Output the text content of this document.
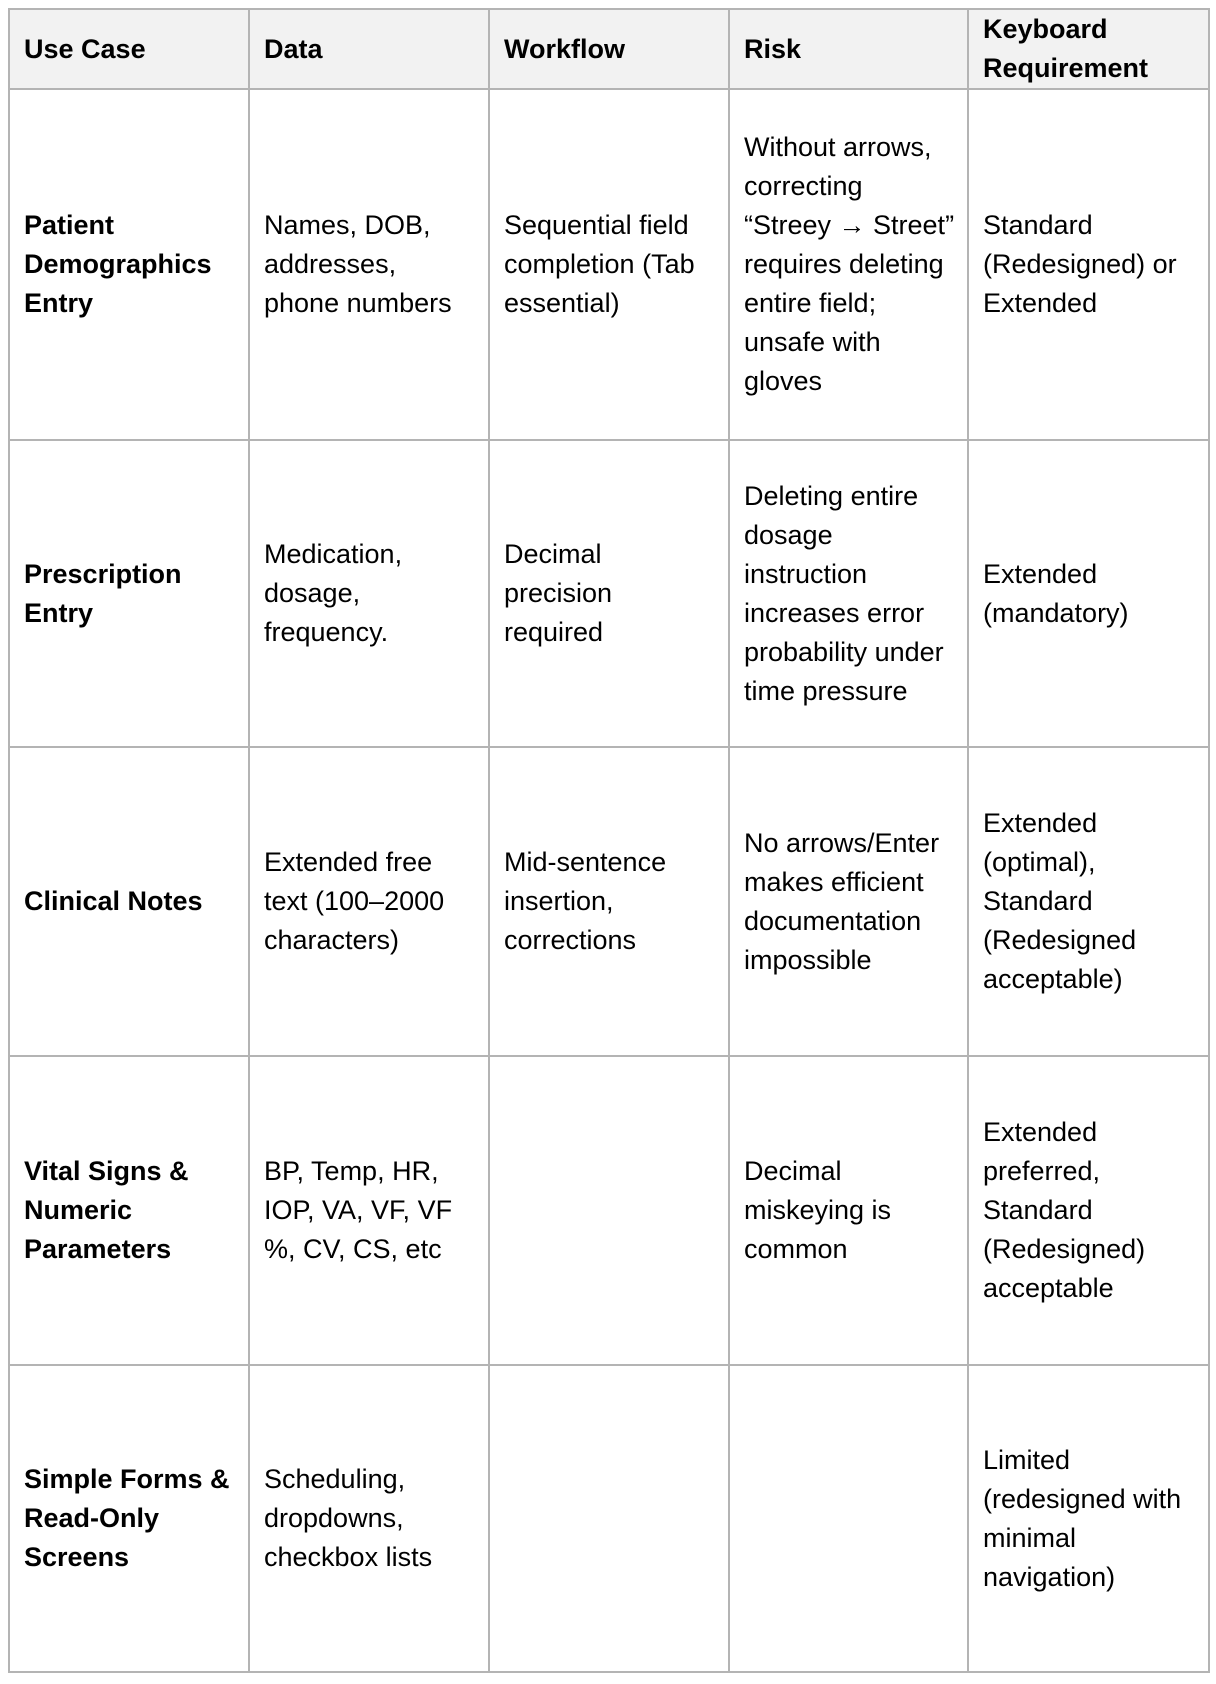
Use Case	Data	Workflow	Risk	Keyboard Requirement
Patient Demographics Entry	Names, DOB, addresses, phone numbers	Sequential field completion (Tab essential)	Without arrows, correcting “Streey → Street” requires deleting entire field; unsafe with gloves	Standard (Redesigned) or Extended
Prescription Entry	Medication, dosage, frequency.	Decimal precision required	Deleting entire dosage instruction increases error probability under time pressure	Extended (mandatory)
Clinical Notes	Extended free text (100–2000 characters)	Mid-sentence insertion, corrections	No arrows/Enter makes efficient documentation impossible	Extended (optimal), Standard (Redesigned acceptable)
Vital Signs & Numeric Parameters	BP, Temp, HR, IOP, VA, VF, VF %, CV, CS, etc		Decimal miskeying is common	Extended preferred, Standard (Redesigned) acceptable
Simple Forms & Read-Only Screens	Scheduling, dropdowns, checkbox lists			Limited (redesigned with minimal navigation)
